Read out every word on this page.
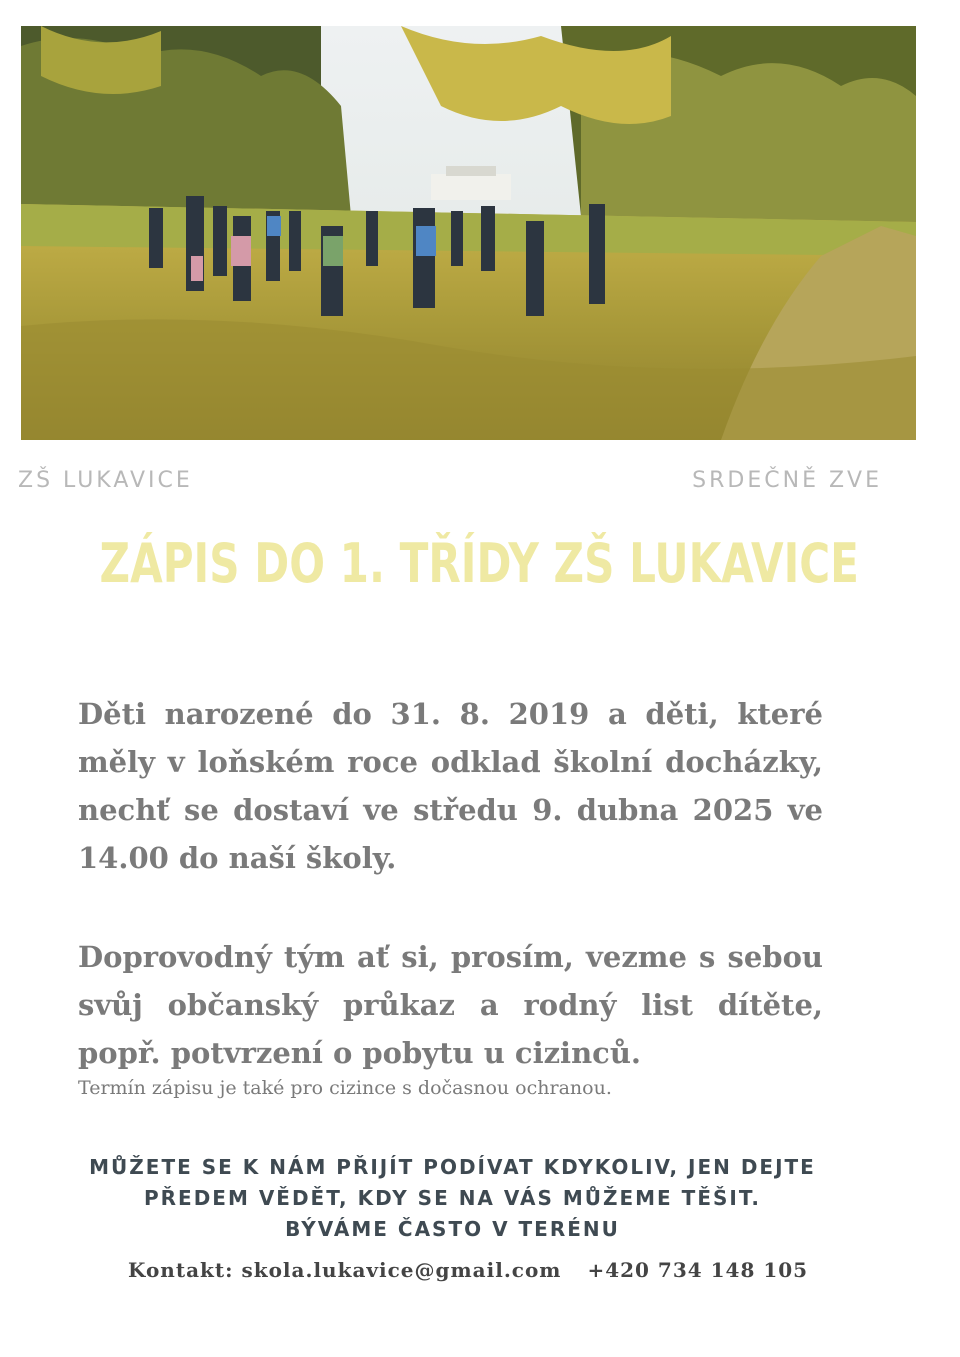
ZŠ LUKAVICE	SRDEČNĚ ZVE
ZÁPIS DO 1. TŘÍDY ZŠ LUKAVICE
Děti narozené do 31. 8. 2019 a děti, které měly v loňském roce odklad školní docházky, nechť se dostaví ve středu 9. dubna 2025 ve 14.00 do naší školy.
Doprovodný tým ať si, prosím, vezme s sebou svůj občanský průkaz a rodný list dítěte, popř. potvrzení o pobytu u cizinců.
Termín zápisu je také pro cizince s dočasnou ochranou.
MŮŽETE SE K NÁM PŘIJÍT PODÍVAT KDYKOLIV, JEN DEJTE
PŘEDEM VĚDĚT, KDY SE NA VÁS MŮŽEME TĚŠIT.
BÝVÁME ČASTO V TERÉNU
Kontakt: skola.lukavice@gmail.com +420 734 148 105
